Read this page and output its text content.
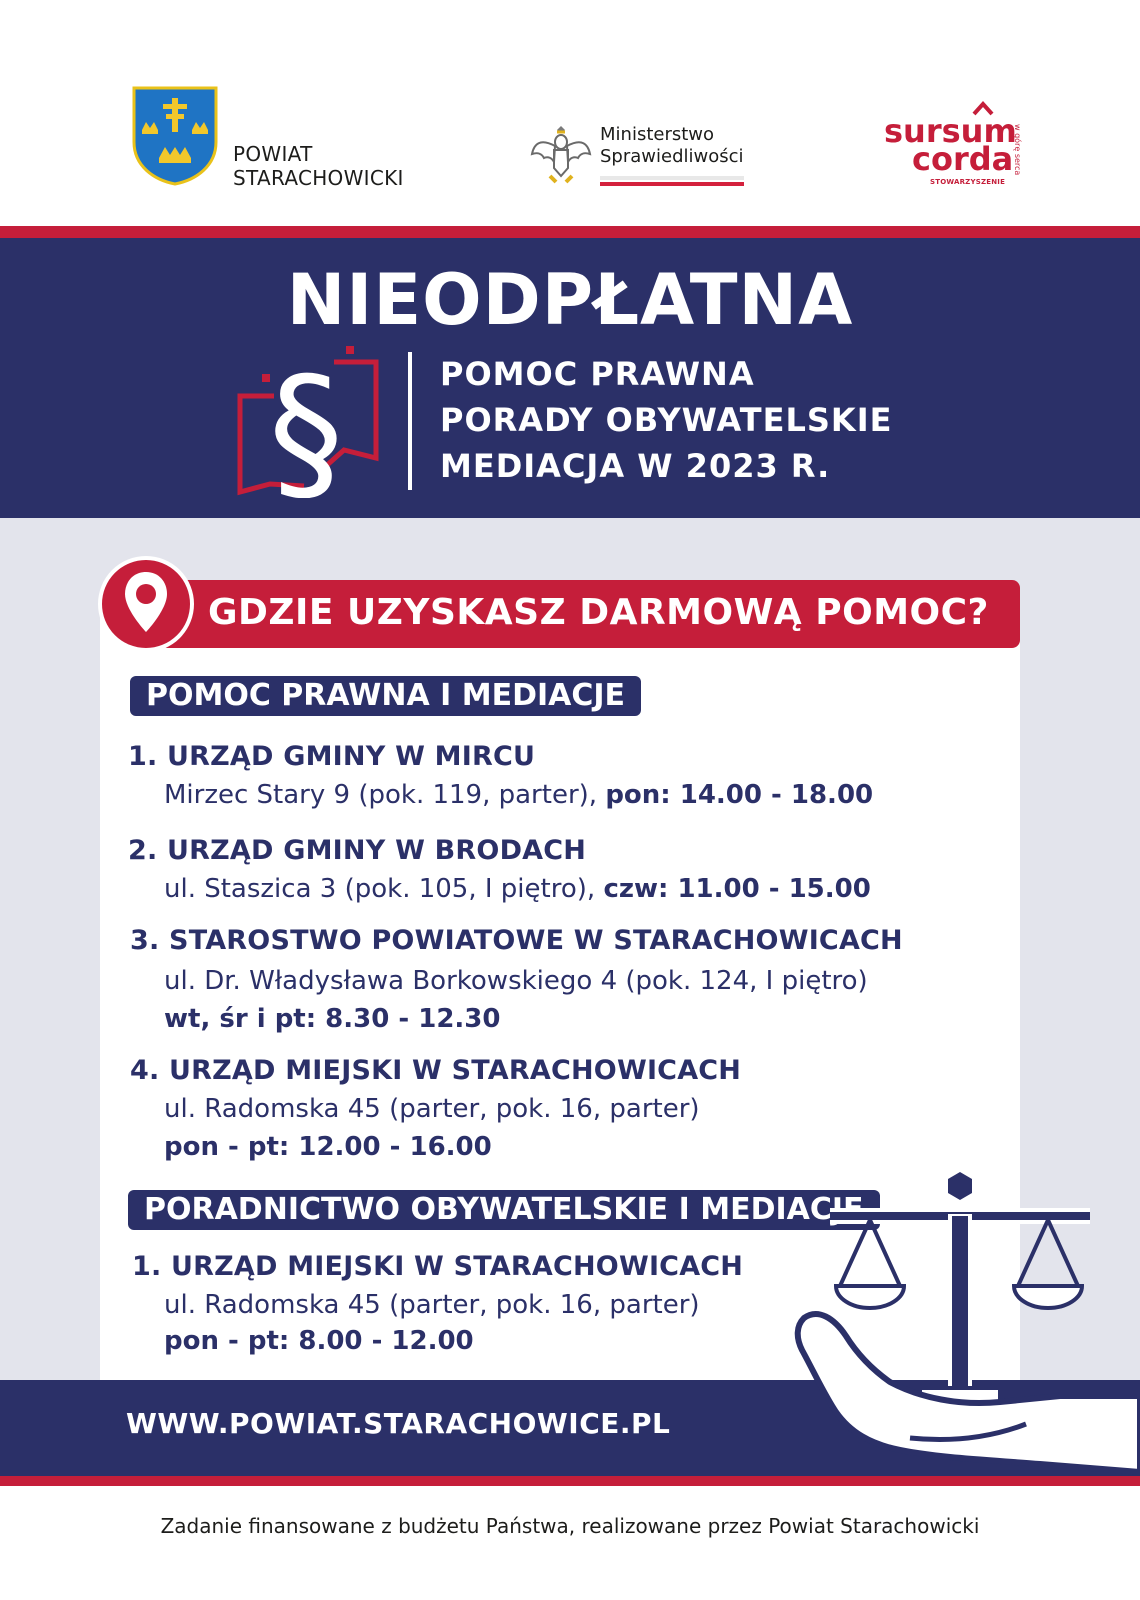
POWIAT
STARACHOWICKI
Ministerstwo
Sprawiedliwości
sursum
corda
STOWARZYSZENIE
w górę serca
NIEODPŁATNA
§	POMOC PRAWNA
PORADY OBYWATELSKIE
MEDIACJA W 2023 R.
GDZIE UZYSKASZ DARMOWĄ POMOC?
POMOC PRAWNA I MEDIACJE
1. URZĄD GMINY W MIRCU
Mirzec Stary 9 (pok. 119, parter), pon: 14.00 - 18.00
2. URZĄD GMINY W BRODACH
ul. Staszica 3 (pok. 105, I piętro), czw: 11.00 - 15.00
3. STAROSTWO POWIATOWE W STARACHOWICACH
ul. Dr. Władysława Borkowskiego 4 (pok. 124, I piętro)
wt, śr i pt: 8.30 - 12.30
4. URZĄD MIEJSKI W STARACHOWICACH
ul. Radomska 45 (parter, pok. 16, parter)
pon - pt: 12.00 - 16.00
PORADNICTWO OBYWATELSKIE I MEDIACJE
1. URZĄD MIEJSKI W STARACHOWICACH
ul. Radomska 45 (parter, pok. 16, parter)
pon - pt: 8.00 - 12.00
WWW.POWIAT.STARACHOWICE.PL
Zadanie finansowane z budżetu Państwa, realizowane przez Powiat Starachowicki
